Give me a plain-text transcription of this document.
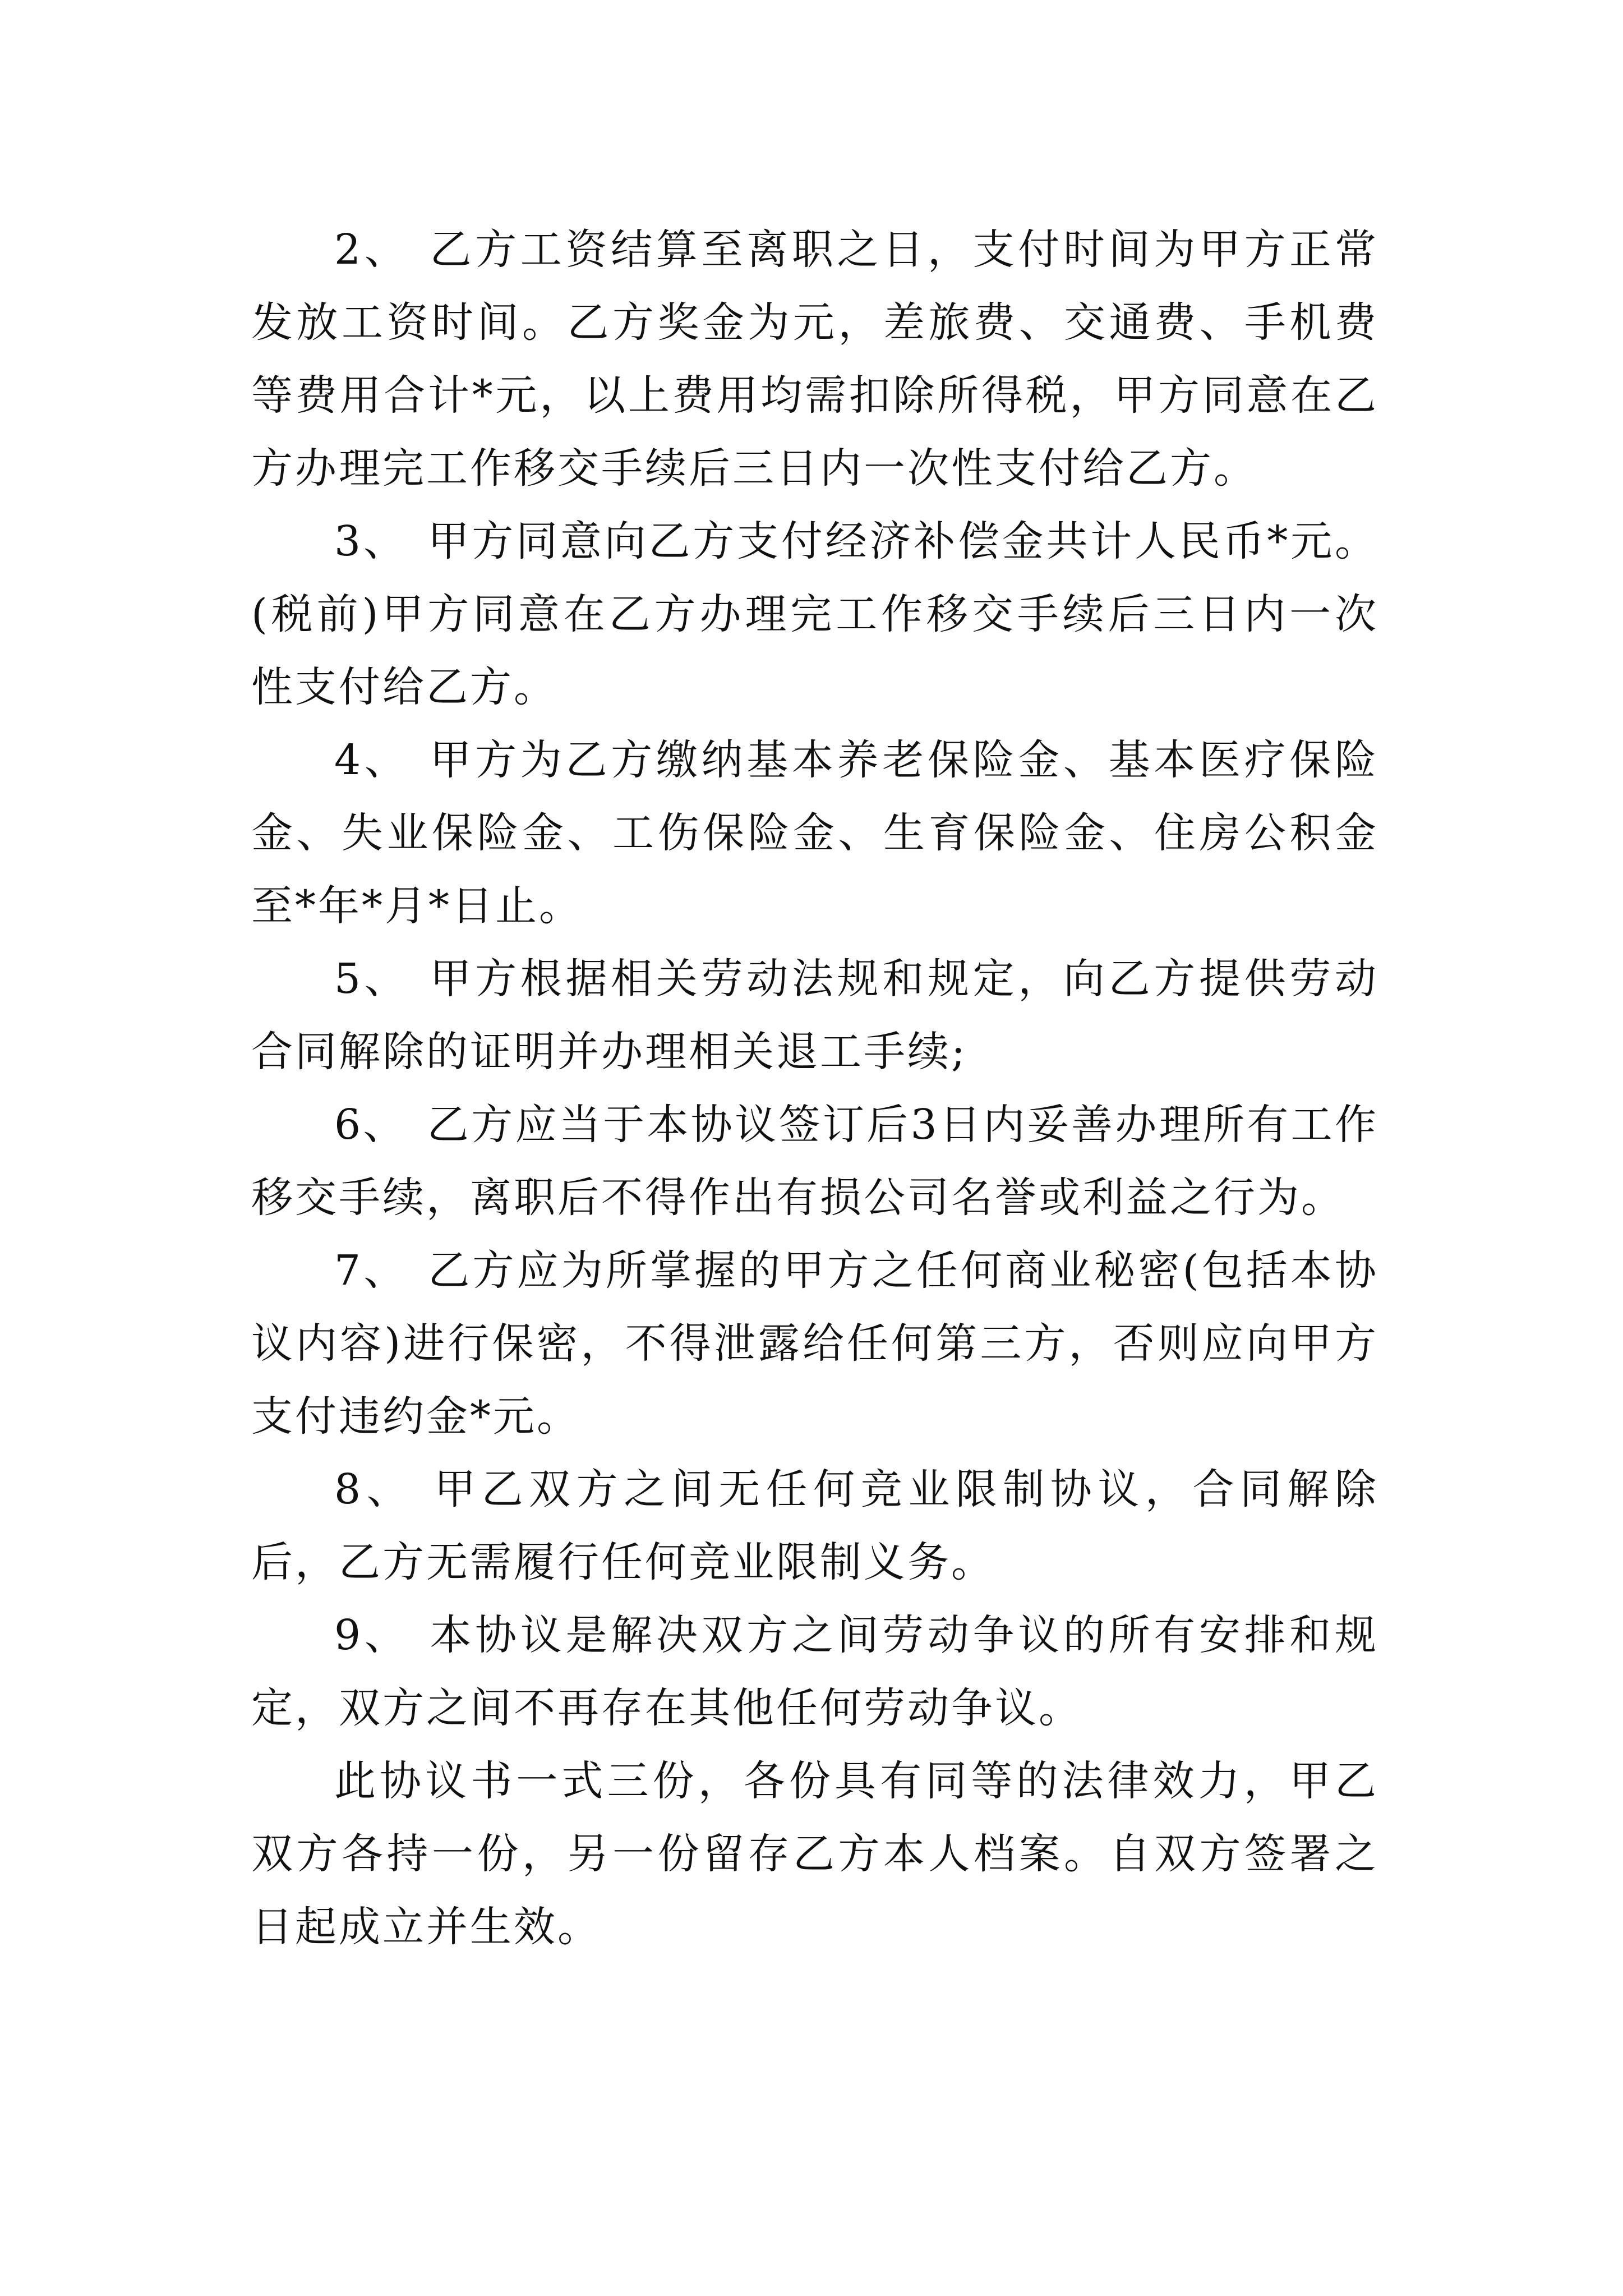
2、 乙方工资结算至离职之日，支付时间为甲方正常发放工资时间。乙方奖金为元，差旅费、交通费、手机费等费用合计*元，以上费用均需扣除所得税，甲方同意在乙方办理完工作移交手续后三日内一次性支付给乙方。

3、 甲方同意向乙方支付经济补偿金共计人民币*元。(税前)甲方同意在乙方办理完工作移交手续后三日内一次性支付给乙方。

4、 甲方为乙方缴纳基本养老保险金、基本医疗保险金、失业保险金、工伤保险金、生育保险金、住房公积金至*年*月*日止。

5、 甲方根据相关劳动法规和规定，向乙方提供劳动合同解除的证明并办理相关退工手续;

6、 乙方应当于本协议签订后3日内妥善办理所有工作移交手续，离职后不得作出有损公司名誉或利益之行为。

7、 乙方应为所掌握的甲方之任何商业秘密(包括本协议内容)进行保密，不得泄露给任何第三方，否则应向甲方支付违约金*元。

8、 甲乙双方之间无任何竞业限制协议，合同解除后，乙方无需履行任何竞业限制义务。

9、 本协议是解决双方之间劳动争议的所有安排和规定，双方之间不再存在其他任何劳动争议。

此协议书一式三份，各份具有同等的法律效力，甲乙双方各持一份，另一份留存乙方本人档案。自双方签署之日起成立并生效。
